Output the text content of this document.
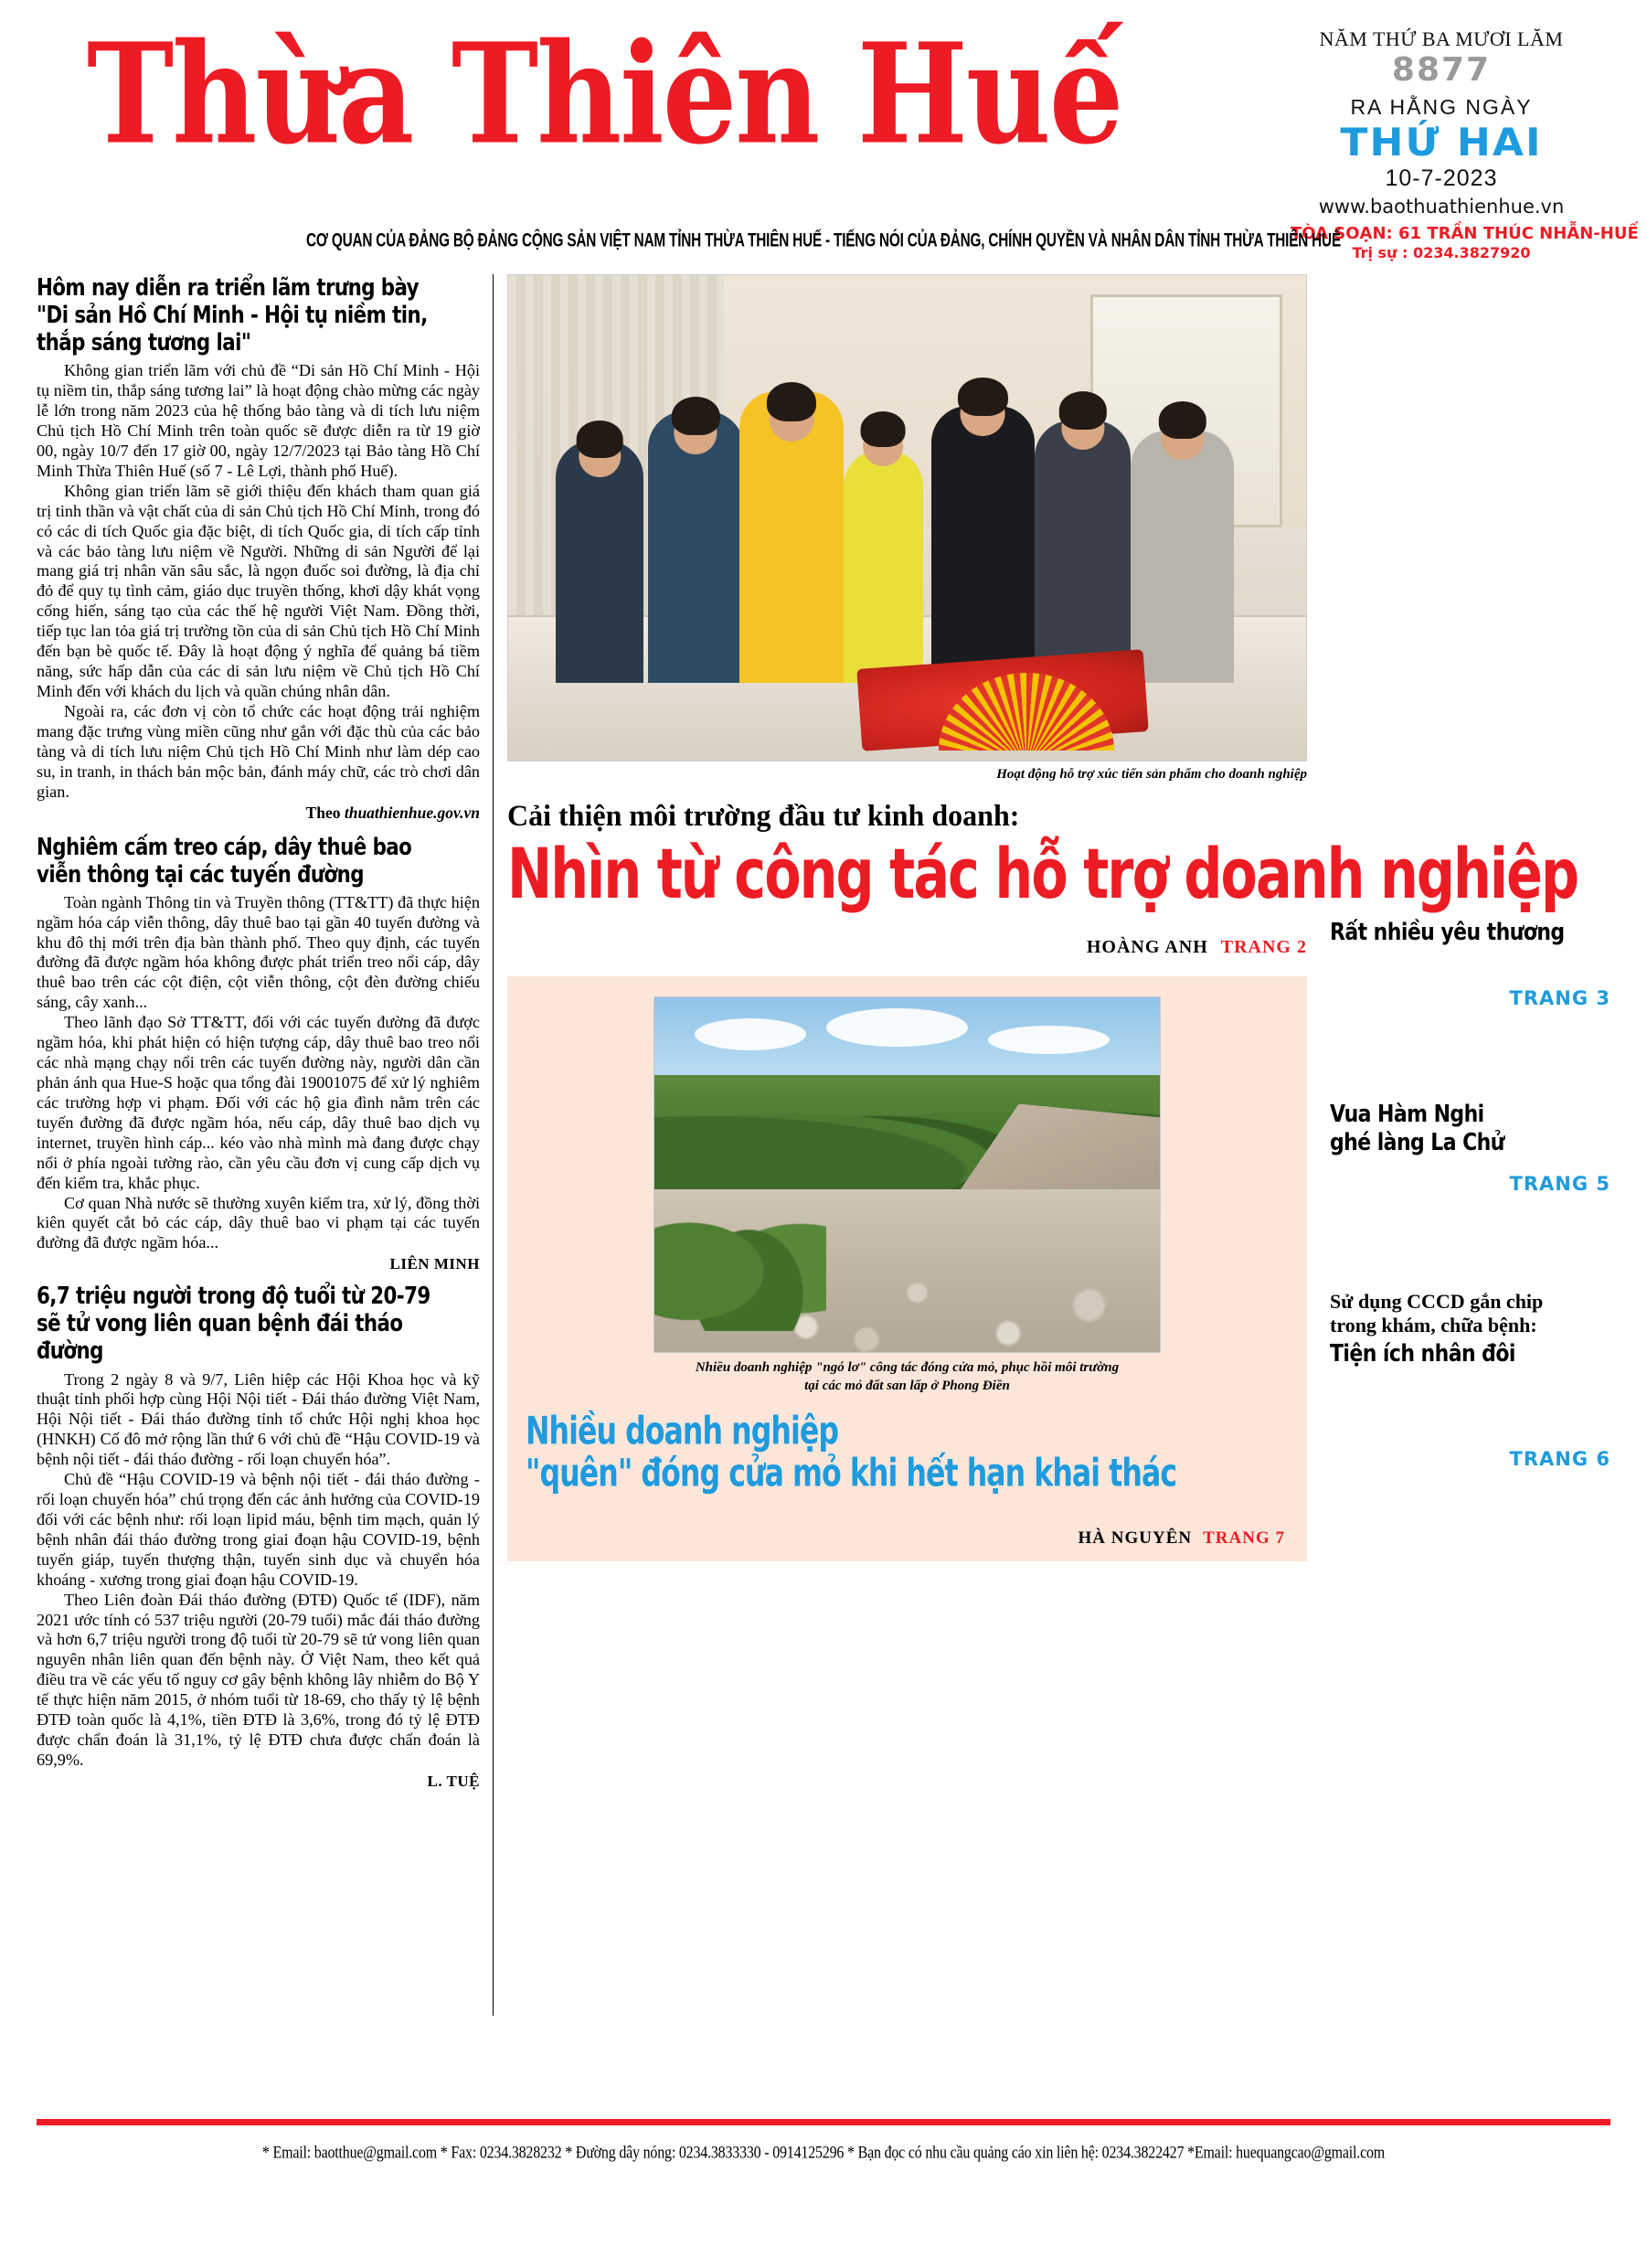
Thừa Thiên Huế	NĂM THỨ BA MƯƠI LĂM
8877
RA HẰNG NGÀY
THỨ HAI
10-7-2023
www.baothuathienhue.vn
TÒA SOẠN: 61 TRẦN THÚC NHẪN-HUẾ
Trị sự : 0234.3827920
CƠ QUAN CỦA ĐẢNG BỘ ĐẢNG CỘNG SẢN VIỆT NAM TỈNH THỪA THIÊN HUẾ - TIẾNG NÓI CỦA ĐẢNG, CHÍNH QUYỀN VÀ NHÂN DÂN TỈNH THỪA THIÊN HUẾ
Hôm nay diễn ra triển lãm trưng bày "Di sản Hồ Chí Minh - Hội tụ niềm tin, thắp sáng tương lai"

Không gian triển lãm với chủ đề “Di sản Hồ Chí Minh - Hội tụ niềm tin, thắp sáng tương lai” là hoạt động chào mừng các ngày lễ lớn trong năm 2023 của hệ thống bảo tàng và di tích lưu niệm Chủ tịch Hồ Chí Minh trên toàn quốc sẽ được diễn ra từ 19 giờ 00, ngày 10/7 đến 17 giờ 00, ngày 12/7/2023 tại Bảo tàng Hồ Chí Minh Thừa Thiên Huế (số 7 - Lê Lợi, thành phố Huế).

Không gian triển lãm sẽ giới thiệu đến khách tham quan giá trị tinh thần và vật chất của di sản Chủ tịch Hồ Chí Minh, trong đó có các di tích Quốc gia đặc biệt, di tích Quốc gia, di tích cấp tỉnh và các bảo tàng lưu niệm về Người. Những di sản Người để lại mang giá trị nhân văn sâu sắc, là ngọn đuốc soi đường, là địa chỉ đỏ để quy tụ tình cảm, giáo dục truyền thống, khơi dậy khát vọng cống hiến, sáng tạo của các thế hệ người Việt Nam. Đồng thời, tiếp tục lan tỏa giá trị trường tồn của di sản Chủ tịch Hồ Chí Minh đến bạn bè quốc tế. Đây là hoạt động ý nghĩa để quảng bá tiềm năng, sức hấp dẫn của các di sản lưu niệm về Chủ tịch Hồ Chí Minh đến với khách du lịch và quần chúng nhân dân.

Ngoài ra, các đơn vị còn tổ chức các hoạt động trải nghiệm mang đặc trưng vùng miền cũng như gắn với đặc thù của các bảo tàng và di tích lưu niệm Chủ tịch Hồ Chí Minh như làm dép cao su, in tranh, in thách bản mộc bản, đánh máy chữ, các trò chơi dân gian.

Theo thuathienhue.gov.vn
Nghiêm cấm treo cáp, dây thuê bao viễn thông tại các tuyến đường

Toàn ngành Thông tin và Truyền thông (TT&TT) đã thực hiện ngầm hóa cáp viễn thông, dây thuê bao tại gần 40 tuyến đường và khu đô thị mới trên địa bàn thành phố. Theo quy định, các tuyến đường đã được ngầm hóa không được phát triển treo nổi cáp, dây thuê bao trên các cột điện, cột viễn thông, cột đèn đường chiếu sáng, cây xanh...

Theo lãnh đạo Sở TT&TT, đối với các tuyến đường đã được ngầm hóa, khi phát hiện có hiện tượng cáp, dây thuê bao treo nổi các nhà mạng chạy nổi trên các tuyến đường này, người dân cần phản ánh qua Hue-S hoặc qua tổng đài 19001075 để xử lý nghiêm các trường hợp vi phạm. Đối với các hộ gia đình nằm trên các tuyến đường đã được ngầm hóa, nếu cáp, dây thuê bao dịch vụ internet, truyền hình cáp... kéo vào nhà mình mà đang được chạy nổi ở phía ngoài tường rào, cần yêu cầu đơn vị cung cấp dịch vụ đến kiểm tra, khắc phục.

Cơ quan Nhà nước sẽ thường xuyên kiểm tra, xử lý, đồng thời kiên quyết cắt bỏ các cáp, dây thuê bao vi phạm tại các tuyến đường đã được ngầm hóa...

LIÊN MINH
6,7 triệu người trong độ tuổi từ 20-79 sẽ tử vong liên quan bệnh đái tháo đường

Trong 2 ngày 8 và 9/7, Liên hiệp các Hội Khoa học và kỹ thuật tỉnh phối hợp cùng Hội Nội tiết - Đái tháo đường Việt Nam, Hội Nội tiết - Đái tháo đường tỉnh tổ chức Hội nghị khoa học (HNKH) Cố đô mở rộng lần thứ 6 với chủ đề “Hậu COVID-19 và bệnh nội tiết - đái tháo đường - rối loạn chuyển hóa”.

Chủ đề “Hậu COVID-19 và bệnh nội tiết - đái tháo đường - rối loạn chuyển hóa” chú trọng đến các ảnh hưởng của COVID-19 đối với các bệnh như: rối loạn lipid máu, bệnh tim mạch, quản lý bệnh nhân đái tháo đường trong giai đoạn hậu COVID-19, bệnh tuyến giáp, tuyến thượng thận, tuyến sinh dục và chuyển hóa khoáng - xương trong giai đoạn hậu COVID-19.

Theo Liên đoàn Đái tháo đường (ĐTĐ) Quốc tế (IDF), năm 2021 ước tính có 537 triệu người (20-79 tuổi) mắc đái tháo đường và hơn 6,7 triệu người trong độ tuổi từ 20-79 sẽ tử vong liên quan nguyên nhân liên quan đến bệnh này. Ở Việt Nam, theo kết quả điều tra về các yếu tố nguy cơ gây bệnh không lây nhiễm do Bộ Y tế thực hiện năm 2015, ở nhóm tuổi từ 18-69, cho thấy tỷ lệ bệnh ĐTĐ toàn quốc là 4,1%, tiền ĐTĐ là 3,6%, trong đó tỷ lệ ĐTĐ được chẩn đoán là 31,1%, tỷ lệ ĐTĐ chưa được chẩn đoán là 69,9%.

L. TUỆ
Hoạt động hỗ trợ xúc tiến sản phẩm cho doanh nghiệp
Cải thiện môi trường đầu tư kinh doanh:
Nhìn từ công tác hỗ trợ doanh nghiệp
HOÀNG ANH TRANG 2
Nhiều doanh nghiệp "ngó lơ" công tác đóng cửa mỏ, phục hồi môi trường
tại các mỏ đất san lấp ở Phong Điền
Nhiều doanh nghiệp
"quên" đóng cửa mỏ khi hết hạn khai thác
HÀ NGUYÊN TRANG 7
Rất nhiều yêu thương
TRANG 3
Vua Hàm Nghi
ghé làng La Chử
TRANG 5
Sử dụng CCCD gắn chip
trong khám, chữa bệnh:
Tiện ích nhân đôi
TRANG 6
* Email: baotthue@gmail.com * Fax: 0234.3828232 * Đường dây nóng: 0234.3833330 - 0914125296 * Bạn đọc có nhu cầu quảng cáo xin liên hệ: 0234.3822427 *Email: huequangcao@gmail.com
